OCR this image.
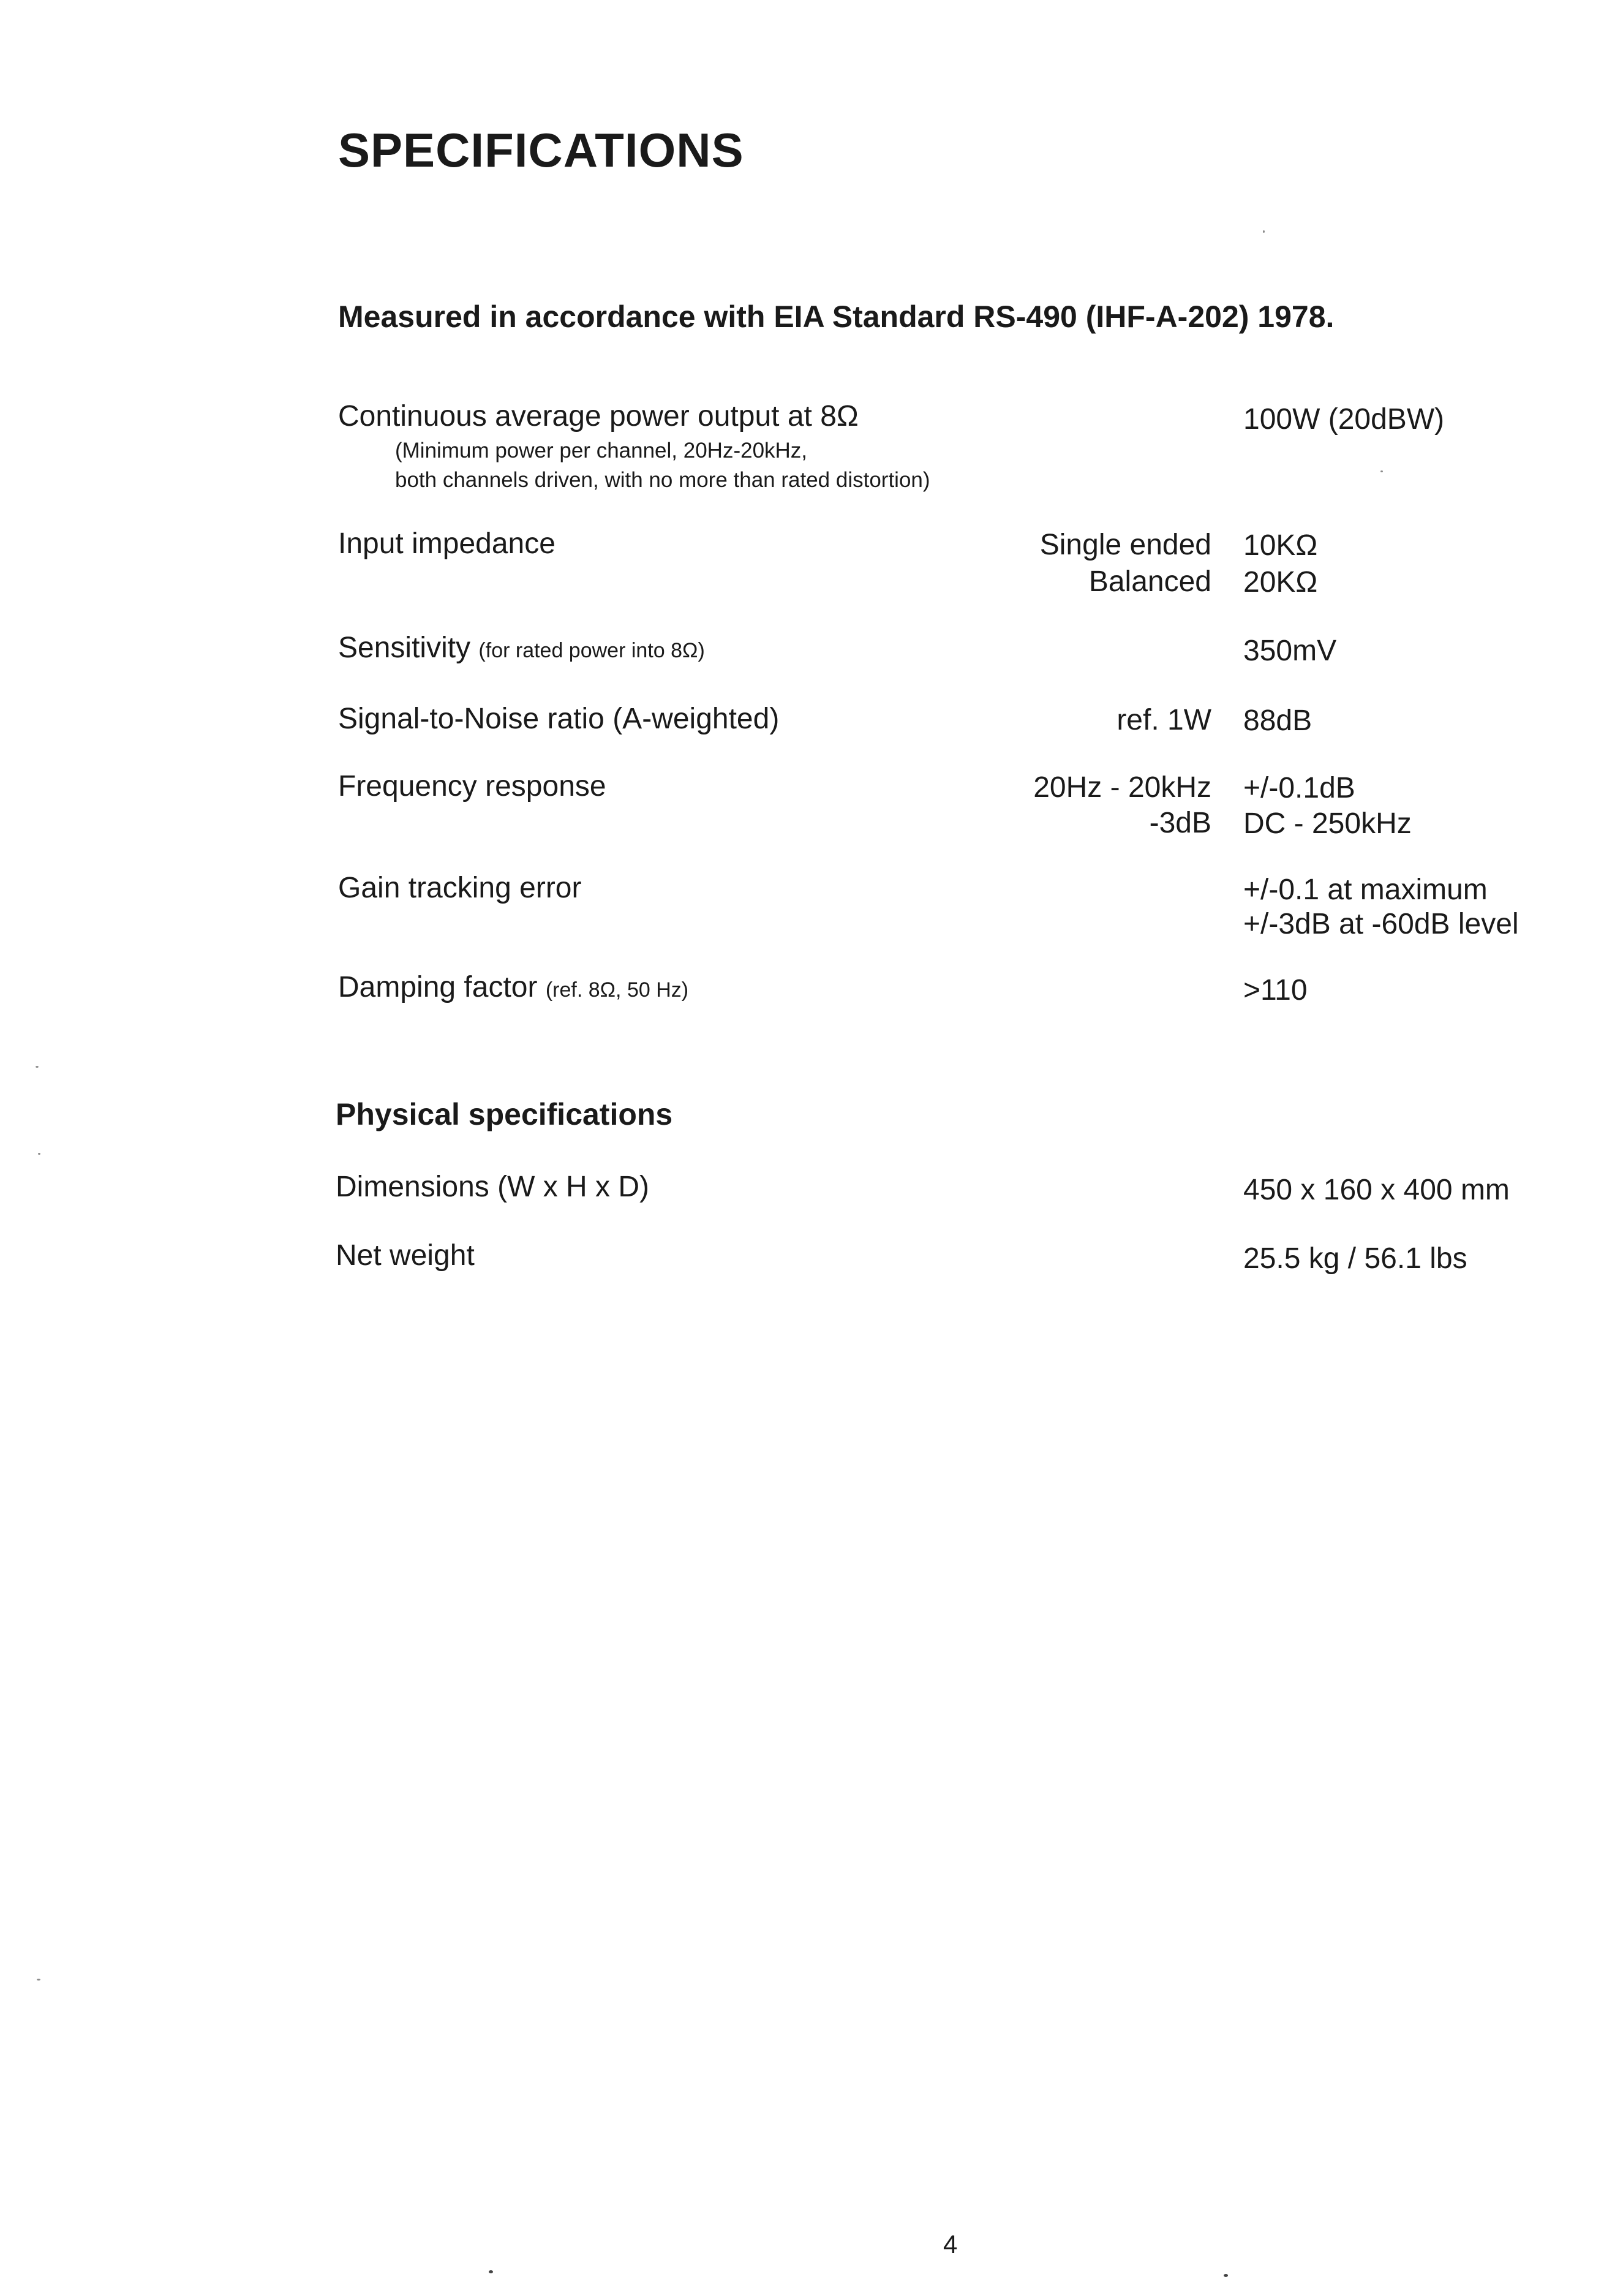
SPECIFICATIONS
Measured in accordance with EIA Standard RS-490 (IHF-A-202) 1978.
Continuous average power output at 8Ω
(Minimum power per channel, 20Hz-20kHz,
both channels driven, with no more than rated distortion)
100W (20dBW)
Input impedance	Single ended 10KΩ
Balanced 20KΩ
Sensitivity (for rated power into 8Ω)	350mV
Signal-to-Noise ratio (A-weighted)	ref. 1W 88dB
Frequency response	20Hz - 20kHz +/-0.1dB
-3dB DC - 250kHz
Gain tracking error	+/-0.1 at maximum
+/-3dB at -60dB level
Damping factor (ref. 8Ω, 50 Hz)	>110
Physical specifications
Dimensions (W x H x D)	450 x 160 x 400 mm
Net weight	25.5 kg / 56.1 lbs
4
